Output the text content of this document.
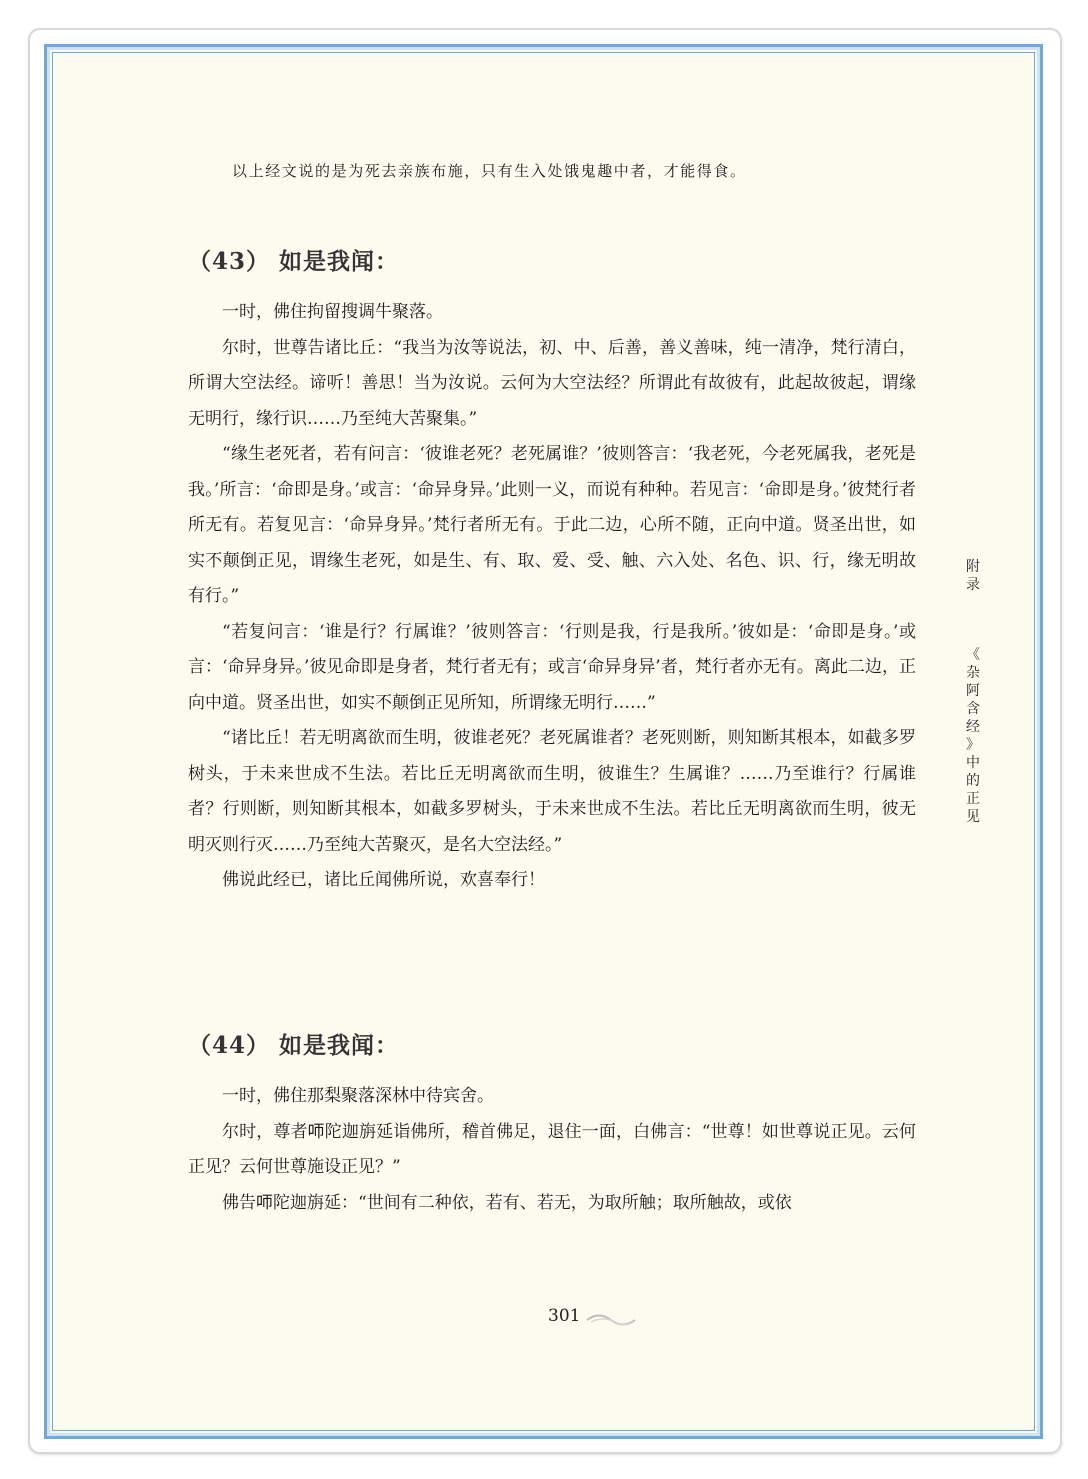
以上经文说的是为死去亲族布施，只有生入处饿鬼趣中者，才能得食。
（43） 如是我闻：

一时，佛住拘留搜调牛聚落。

尔时，世尊告诸比丘：“我当为汝等说法，初、中、后善，善义善味，纯一清净，梵行清白，所谓大空法经。谛听！善思！当为汝说。云何为大空法经？所谓此有故彼有，此起故彼起，谓缘无明行，缘行识……乃至纯大苦聚集。”

“缘生老死者，若有问言：‘彼谁老死？老死属谁？’彼则答言：‘我老死，今老死属我，老死是我。’所言：‘命即是身。’或言：‘命异身异。’此则一义，而说有种种。若见言：‘命即是身。’彼梵行者所无有。若复见言：‘命异身异。’梵行者所无有。于此二边，心所不随，正向中道。贤圣出世，如实不颠倒正见，谓缘生老死，如是生、有、取、爱、受、触、六入处、名色、识、行，缘无明故有行。”

“若复问言：‘谁是行？行属谁？’彼则答言：‘行则是我，行是我所。’彼如是：‘命即是身。’或言：‘命异身异。’彼见命即是身者，梵行者无有；或言‘命异身异’者，梵行者亦无有。离此二边，正向中道。贤圣出世，如实不颠倒正见所知，所谓缘无明行……”

“诸比丘！若无明离欲而生明，彼谁老死？老死属谁者？老死则断，则知断其根本，如截多罗树头，于未来世成不生法。若比丘无明离欲而生明，彼谁生？生属谁？……乃至谁行？行属谁者？行则断，则知断其根本，如截多罗树头，于未来世成不生法。若比丘无明离欲而生明，彼无明灭则行灭……乃至纯大苦聚灭，是名大空法经。”

佛说此经已，诸比丘闻佛所说，欢喜奉行！

（44） 如是我闻：

一时，佛住那梨聚落深林中待宾舍。

尔时，尊者𠯗陀迦旃延诣佛所，稽首佛足，退住一面，白佛言：“世尊！如世尊说正见。云何正见？云何世尊施设正见？”

佛告𠯗陀迦旃延：“世间有二种依，若有、若无，为取所触；取所触故，或依

附
录
《
杂
阿
含
经
》
中
的
正
见
301
